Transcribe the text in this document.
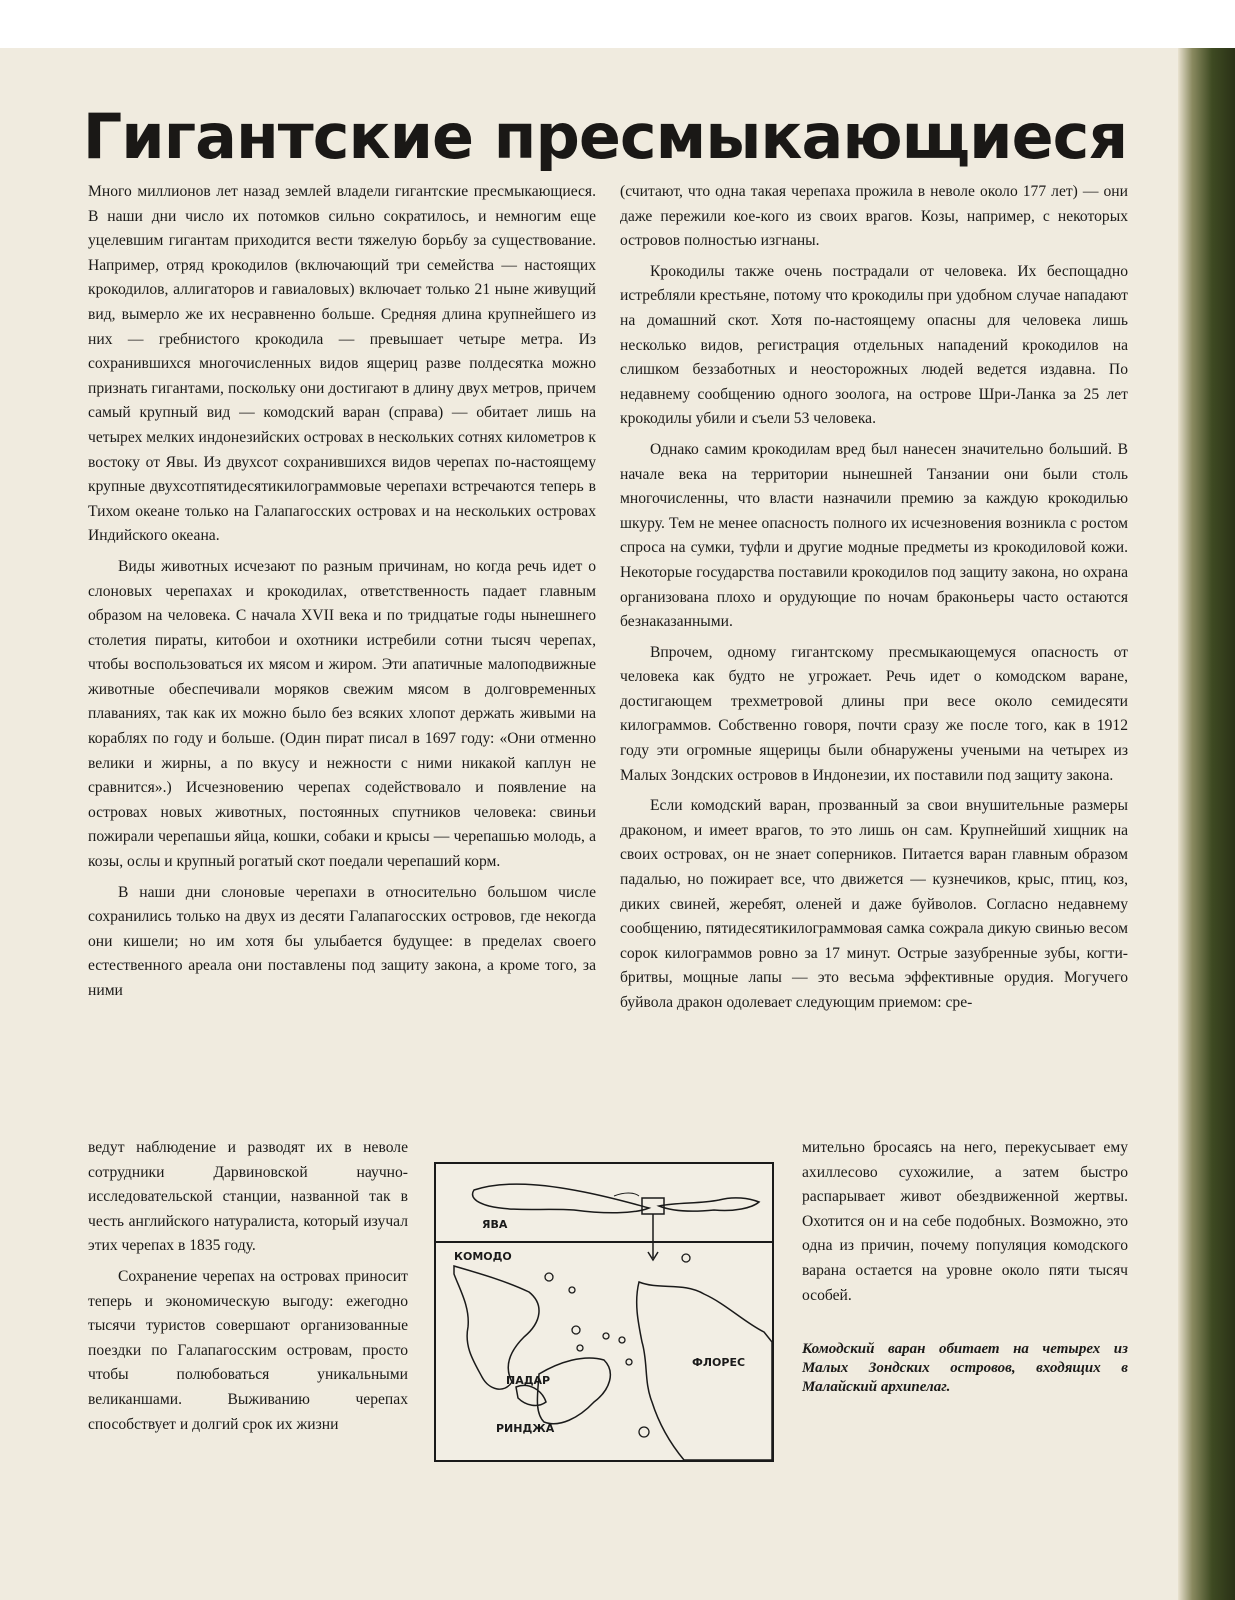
Гигантские пресмыкающиеся

Много миллионов лет назад землей владели гигантские пресмыкающиеся. В наши дни число их потомков сильно сократилось, и немногим еще уцелевшим гигантам приходится вести тяжелую борьбу за существование. Например, отряд крокодилов (включающий три семейства — настоящих крокодилов, аллигаторов и гавиаловых) включает только 21 ныне живущий вид, вымерло же их несравненно больше. Средняя длина крупнейшего из них — гребнистого крокодила — превышает четыре метра. Из сохранившихся многочисленных видов ящериц разве полдесятка можно признать гигантами, поскольку они достигают в длину двух метров, причем самый крупный вид — комодский варан (справа) — обитает лишь на четырех мелких индонезийских островах в нескольких сотнях километров к востоку от Явы. Из двухсот сохранившихся видов черепах по-настоящему крупные двухсотпятидесятикилограммовые черепахи встречаются теперь в Тихом океане только на Галапагосских островах и на нескольких островах Индийского океана.

Виды животных исчезают по разным причинам, но когда речь идет о слоновых черепахах и крокодилах, ответственность падает главным образом на человека. С начала XVII века и по тридцатые годы нынешнего столетия пираты, китобои и охотники истребили сотни тысяч черепах, чтобы воспользоваться их мясом и жиром. Эти апатичные малоподвижные животные обеспечивали моряков свежим мясом в долговременных плаваниях, так как их можно было без всяких хлопот держать живыми на кораблях по году и больше. (Один пират писал в 1697 году: «Они отменно велики и жирны, а по вкусу и нежности с ними никакой каплун не сравнится».) Исчезновению черепах содействовало и появление на островах новых животных, постоянных спутников человека: свиньи пожирали черепашьи яйца, кошки, собаки и крысы — черепашью молодь, а козы, ослы и крупный рогатый скот поедали черепаший корм.

В наши дни слоновые черепахи в относительно большом числе сохранились только на двух из десяти Галапагосских островов, где некогда они кишели; но им хотя бы улыбается будущее: в пределах своего естественного ареала они поставлены под защиту закона, а кроме того, за ними

ведут наблюдение и разводят их в неволе сотрудники Дарвиновской научно-исследовательской станции, названной так в честь английского натуралиста, который изучал этих черепах в 1835 году.

Сохранение черепах на островах приносит теперь и экономическую выгоду: ежегодно тысячи туристов совершают организованные поездки по Галапагосским островам, просто чтобы полюбоваться уникальными великаншами. Выживанию черепах способствует и долгий срок их жизни

(считают, что одна такая черепаха прожила в неволе около 177 лет) — они даже пережили кое-кого из своих врагов. Козы, например, с некоторых островов полностью изгнаны.

Крокодилы также очень пострадали от человека. Их беспощадно истребляли крестьяне, потому что крокодилы при удобном случае нападают на домашний скот. Хотя по-настоящему опасны для человека лишь несколько видов, регистрация отдельных нападений крокодилов на слишком беззаботных и неосторожных людей ведется издавна. По недавнему сообщению одного зоолога, на острове Шри-Ланка за 25 лет крокодилы убили и съели 53 человека.

Однако самим крокодилам вред был нанесен значительно больший. В начале века на территории нынешней Танзании они были столь многочисленны, что власти назначили премию за каждую крокодилью шкуру. Тем не менее опасность полного их исчезновения возникла с ростом спроса на сумки, туфли и другие модные предметы из крокодиловой кожи. Некоторые государства поставили крокодилов под защиту закона, но охрана организована плохо и орудующие по ночам браконьеры часто остаются безнаказанными.

Впрочем, одному гигантскому пресмыкающемуся опасность от человека как будто не угрожает. Речь идет о комодском варане, достигающем трехметровой длины при весе около семидесяти килограммов. Собственно говоря, почти сразу же после того, как в 1912 году эти огромные ящерицы были обнаружены учеными на четырех из Малых Зондских островов в Индонезии, их поставили под защиту закона.

Если комодский варан, прозванный за свои внушительные размеры драконом, и имеет врагов, то это лишь он сам. Крупнейший хищник на своих островах, он не знает соперников. Питается варан главным образом падалью, но пожирает все, что движется — кузнечиков, крыс, птиц, коз, диких свиней, жеребят, оленей и даже буйволов. Согласно недавнему сообщению, пятидесятикилограммовая самка сожрала дикую свинью весом сорок килограммов ровно за 17 минут. Острые зазубренные зубы, когти-бритвы, мощные лапы — это весьма эффективные орудия. Могучего буйвола дракон одолевает следующим приемом: сре-

мительно бросаясь на него, перекусывает ему ахиллесово сухожилие, а затем быстро распарывает живот обездвиженной жертвы. Охотится он и на себе подобных. Возможно, это одна из причин, почему популяция комодского варана остается на уровне около пяти тысяч особей.
Комодский варан обитает на четырех из Малых Зондских островов, входящих в Малайский архипелаг.
ЯВА
КОМОДО
ФЛОРЕС
ПАДАР
РИНДЖА
